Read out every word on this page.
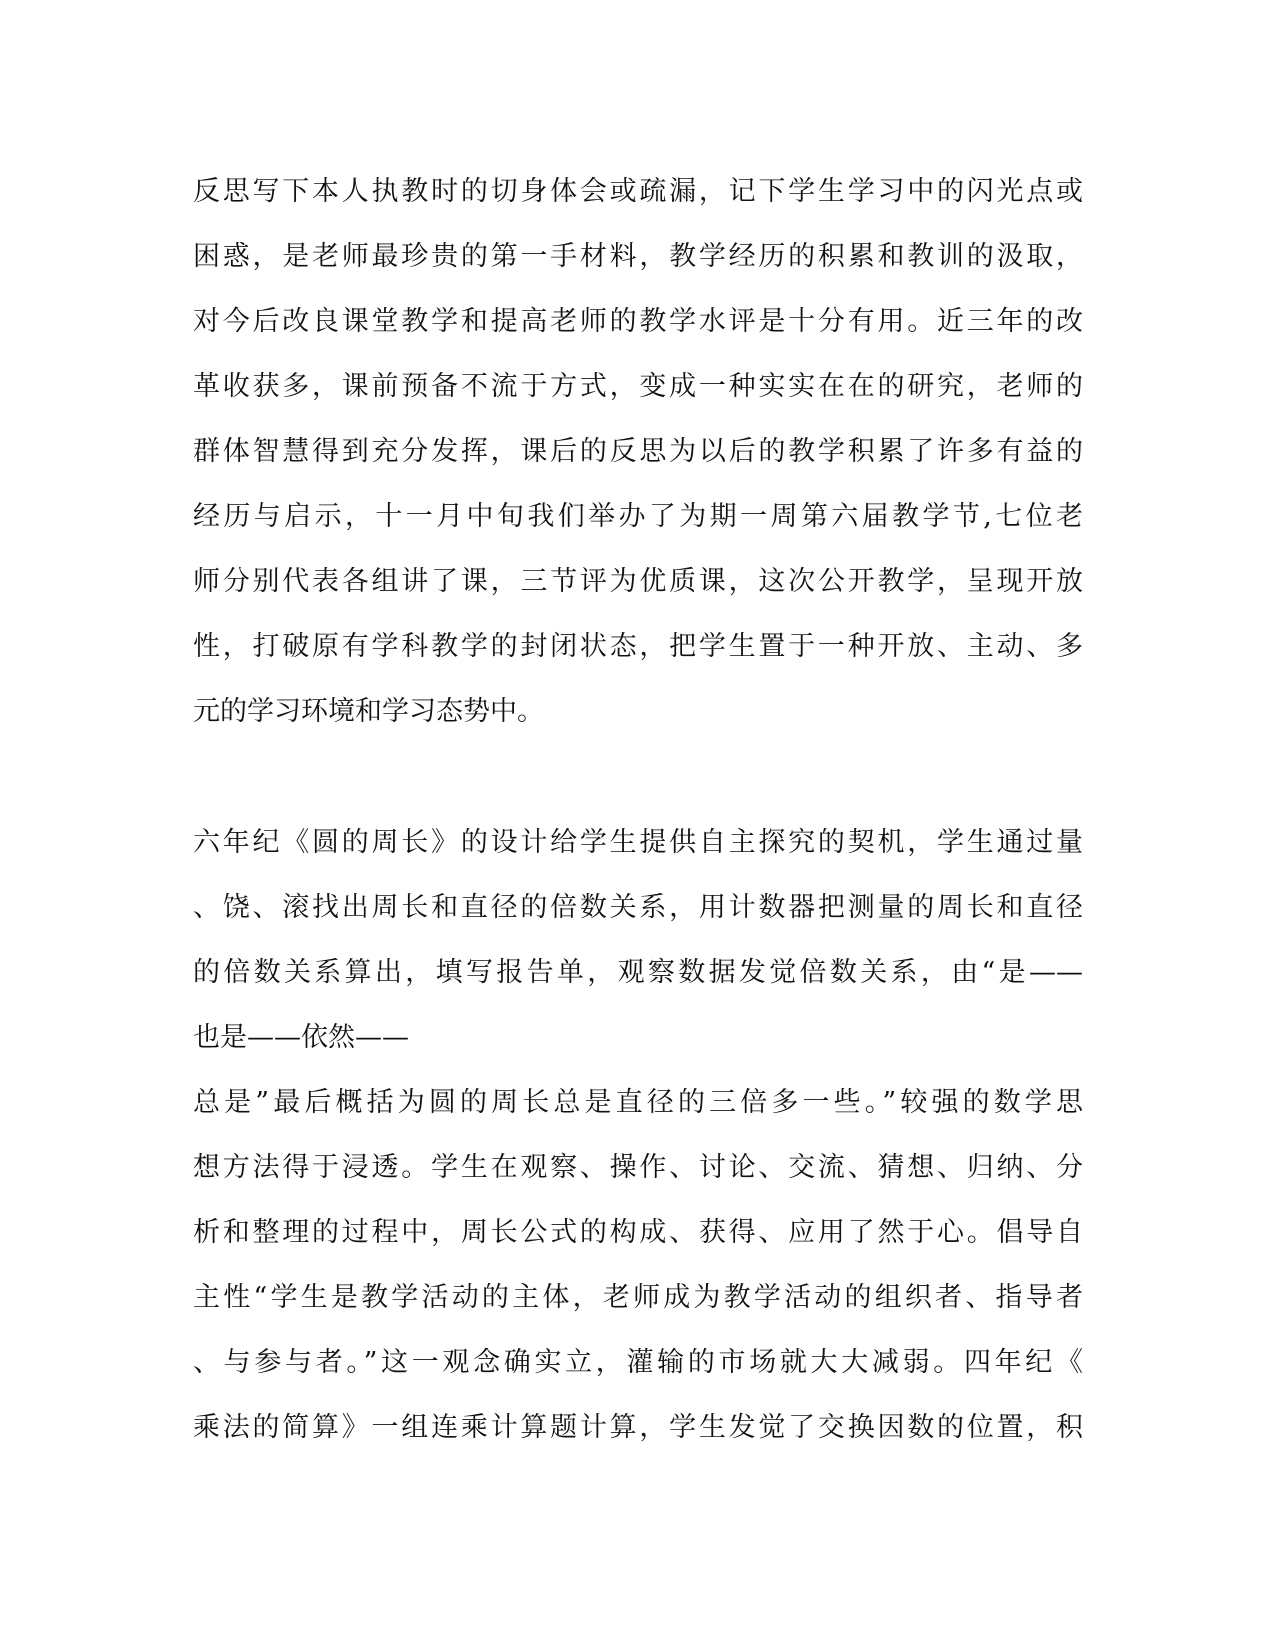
反思写下本人执教时的切身体会或疏漏，记下学生学习中的闪光点或
困惑，是老师最珍贵的第一手材料，教学经历的积累和教训的汲取，
对今后改良课堂教学和提高老师的教学水评是十分有用。近三年的改
革收获多，课前预备不流于方式，变成一种实实在在的研究，老师的
群体智慧得到充分发挥，课后的反思为以后的教学积累了许多有益的
经历与启示，十一月中旬我们举办了为期一周第六届教学节,七位老
师分别代表各组讲了课，三节评为优质课，这次公开教学，呈现开放
性，打破原有学科教学的封闭状态，把学生置于一种开放、主动、多
元的学习环境和学习态势中。
六年纪《圆的周长》的设计给学生提供自主探究的契机，学生通过量
、饶、滚找出周长和直径的倍数关系，用计数器把测量的周长和直径
的倍数关系算出，填写报告单，观察数据发觉倍数关系，由“是——
也是——依然——
总是”最后概括为圆的周长总是直径的三倍多一些。”较强的数学思
想方法得于浸透。学生在观察、操作、讨论、交流、猜想、归纳、分
析和整理的过程中，周长公式的构成、获得、应用了然于心。倡导自
主性“学生是教学活动的主体，老师成为教学活动的组织者、指导者
、与参与者。”这一观念确实立，灌输的市场就大大减弱。四年纪《
乘法的简算》一组连乘计算题计算，学生发觉了交换因数的位置，积
